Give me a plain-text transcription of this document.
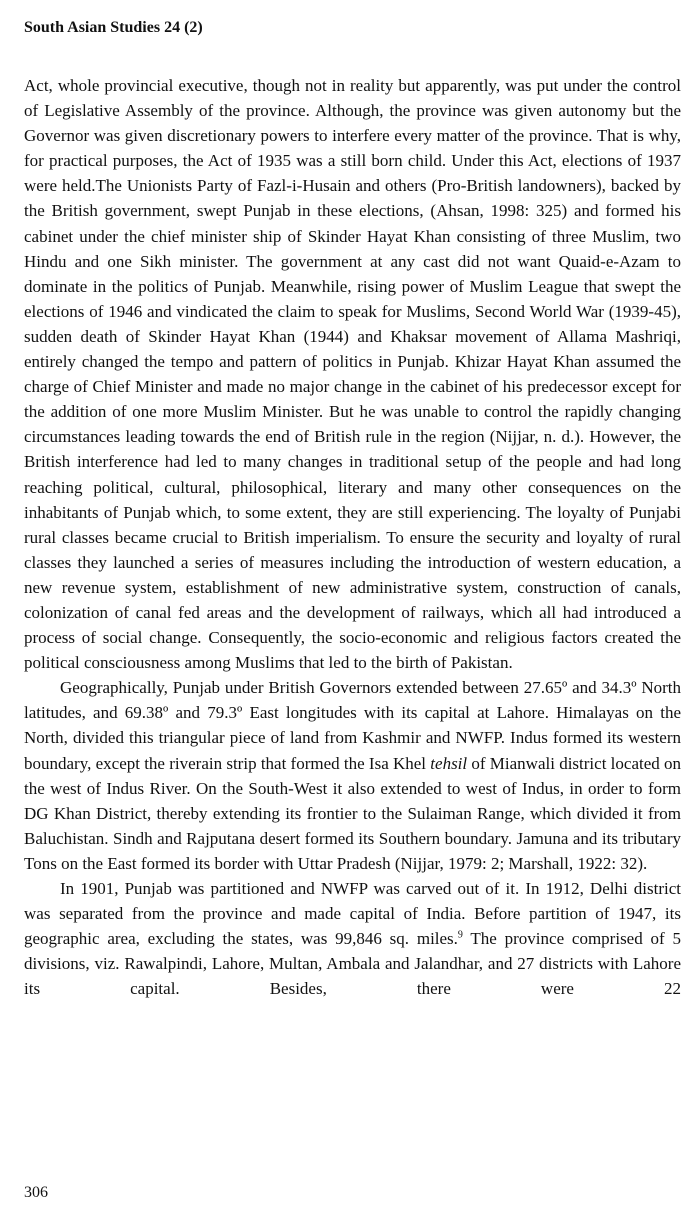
South Asian Studies 24 (2)

Act, whole provincial executive, though not in reality but apparently, was put under the control of Legislative Assembly of the province. Although, the province was given autonomy but the Governor was given discretionary powers to interfere every matter of the province. That is why, for practical purposes, the Act of 1935 was a still born child. Under this Act, elections of 1937 were held.The Unionists Party of Fazl-i-Husain and others (Pro-British landowners), backed by the British government, swept Punjab in these elections, (Ahsan, 1998: 325) and formed his cabinet under the chief minister ship of Skinder Hayat Khan consisting of three Muslim, two Hindu and one Sikh minister. The government at any cast did not want Quaid-e-Azam to dominate in the politics of Punjab. Meanwhile, rising power of Muslim League that swept the elections of 1946 and vindicated the claim to speak for Muslims, Second World War (1939-45), sudden death of Skinder Hayat Khan (1944) and Khaksar movement of Allama Mashriqi, entirely changed the tempo and pattern of politics in Punjab. Khizar Hayat Khan assumed the charge of Chief Minister and made no major change in the cabinet of his predecessor except for the addition of one more Muslim Minister. But he was unable to control the rapidly changing circumstances leading towards the end of British rule in the region (Nijjar, n. d.). However, the British interference had led to many changes in traditional setup of the people and had long reaching political, cultural, philosophical, literary and many other consequences on the inhabitants of Punjab which, to some extent, they are still experiencing. The loyalty of Punjabi rural classes became crucial to British imperialism. To ensure the security and loyalty of rural classes they launched a series of measures including the introduction of western education, a new revenue system, establishment of new administrative system, construction of canals, colonization of canal fed areas and the development of railways, which all had introduced a process of social change. Consequently, the socio-economic and religious factors created the political consciousness among Muslims that led to the birth of Pakistan.

Geographically, Punjab under British Governors extended between 27.65º and 34.3º North latitudes, and 69.38º and 79.3º East longitudes with its capital at Lahore. Himalayas on the North, divided this triangular piece of land from Kashmir and NWFP. Indus formed its western boundary, except the riverain strip that formed the Isa Khel tehsil of Mianwali district located on the west of Indus River. On the South-West it also extended to west of Indus, in order to form DG Khan District, thereby extending its frontier to the Sulaiman Range, which divided it from Baluchistan. Sindh and Rajputana desert formed its Southern boundary. Jamuna and its tributary Tons on the East formed its border with Uttar Pradesh (Nijjar, 1979: 2; Marshall, 1922: 32).

In 1901, Punjab was partitioned and NWFP was carved out of it. In 1912, Delhi district was separated from the province and made capital of India. Before partition of 1947, its geographic area, excluding the states, was 99,846 sq. miles.$^9$ The province comprised of 5 divisions, viz. Rawalpindi, Lahore, Multan, Ambala and Jalandhar, and 27 districts with Lahore its capital. Besides, there were 22

306
